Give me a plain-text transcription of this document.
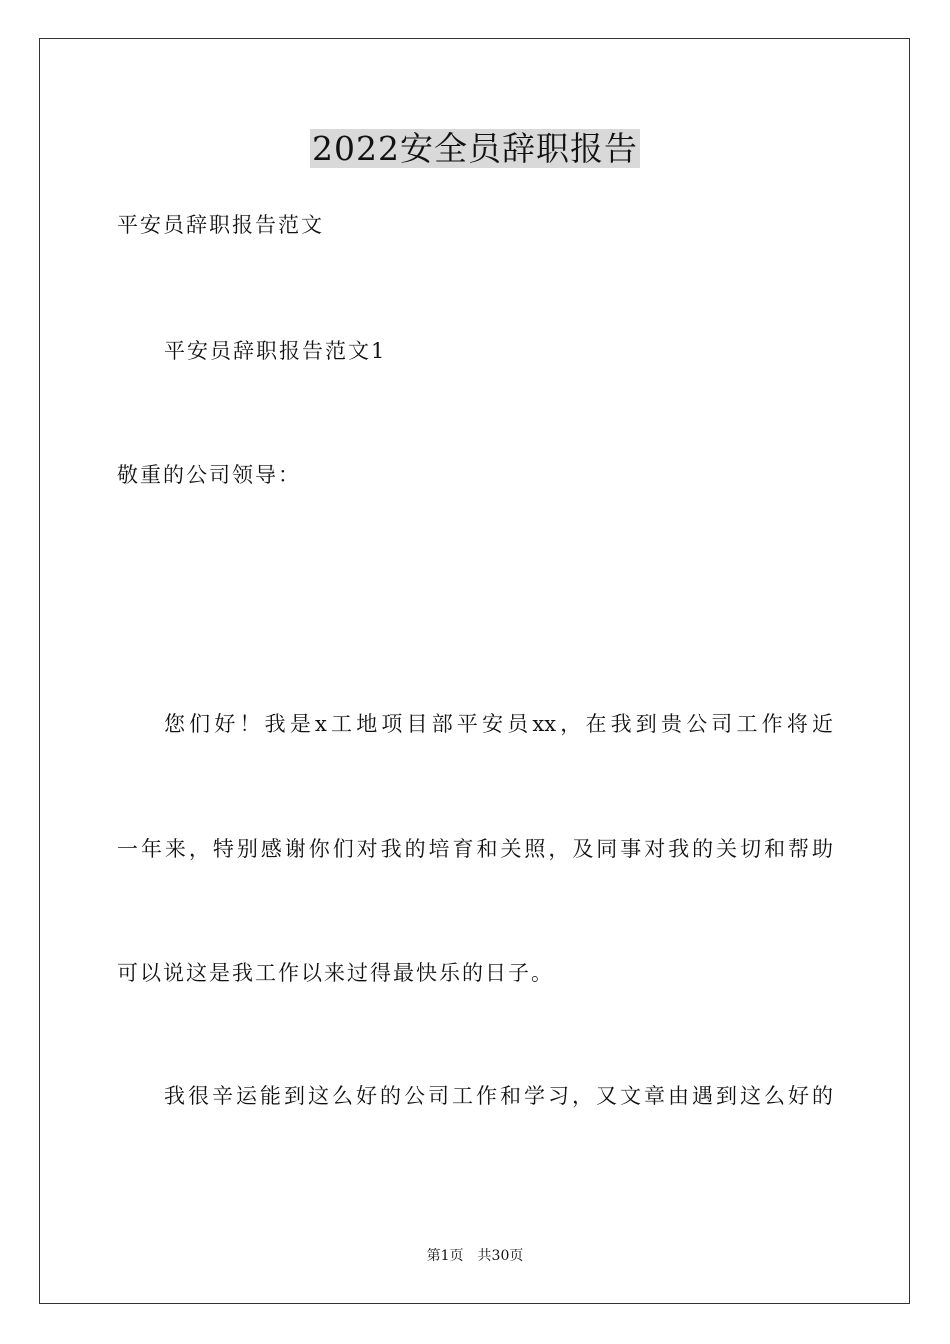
2022安全员辞职报告
平安员辞职报告范文
平安员辞职报告范文1
敬重的公司领导：
您们好！我是x工地项目部平安员xx，在我到贵公司工作将近
一年来，特别感谢你们对我的培育和关照，及同事对我的关切和帮助
可以说这是我工作以来过得最快乐的日子。
我很辛运能到这么好的公司工作和学习，又文章由遇到这么好的
第1页 共30页
